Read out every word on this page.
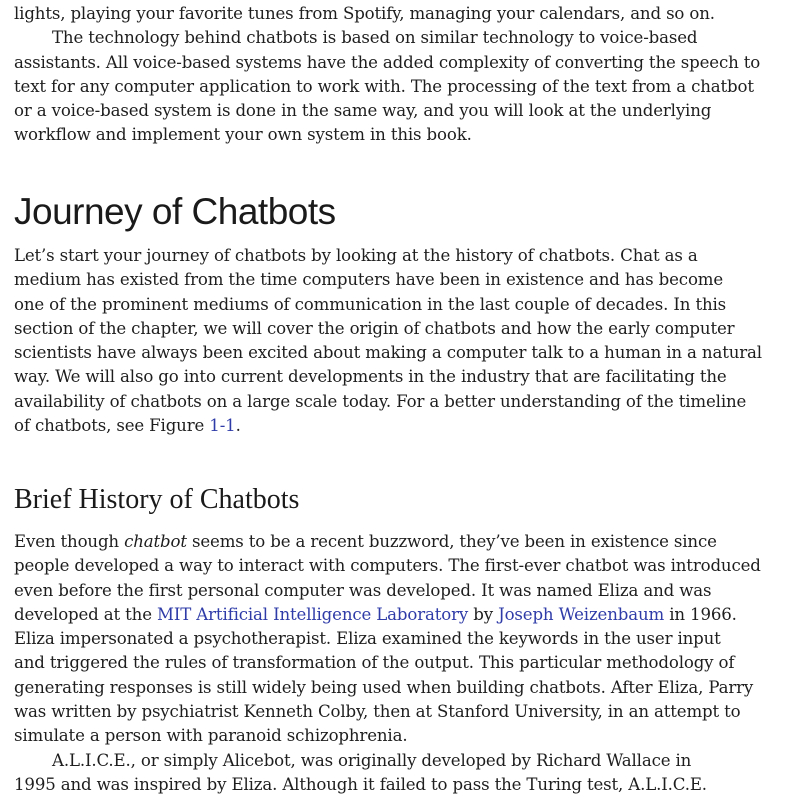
lights, playing your favorite tunes from Spotify, managing your calendars, and so on.

The technology behind chatbots is based on similar technology to voice-based

assistants. All voice-based systems have the added complexity of converting the speech to

text for any computer application to work with. The processing of the text from a chatbot

or a voice-based system is done in the same way, and you will look at the underlying

workflow and implement your own system in this book.

Journey of Chatbots

Let’s start your journey of chatbots by looking at the history of chatbots. Chat as a

medium has existed from the time computers have been in existence and has become

one of the prominent mediums of communication in the last couple of decades. In this

section of the chapter, we will cover the origin of chatbots and how the early computer

scientists have always been excited about making a computer talk to a human in a natural

way. We will also go into current developments in the industry that are facilitating the

availability of chatbots on a large scale today. For a better understanding of the timeline

of chatbots, see Figure 1-1.

Brief History of Chatbots

Even though chatbot seems to be a recent buzzword, they’ve been in existence since

people developed a way to interact with computers. The first-ever chatbot was introduced

even before the first personal computer was developed. It was named Eliza and was

developed at the MIT Artificial Intelligence Laboratory by Joseph Weizenbaum in 1966.

Eliza impersonated a psychotherapist. Eliza examined the keywords in the user input

and triggered the rules of transformation of the output. This particular methodology of

generating responses is still widely being used when building chatbots. After Eliza, Parry

was written by psychiatrist Kenneth Colby, then at Stanford University, in an attempt to

simulate a person with paranoid schizophrenia.

A.L.I.C.E., or simply Alicebot, was originally developed by Richard Wallace in

1995 and was inspired by Eliza. Although it failed to pass the Turing test, A.L.I.C.E.
